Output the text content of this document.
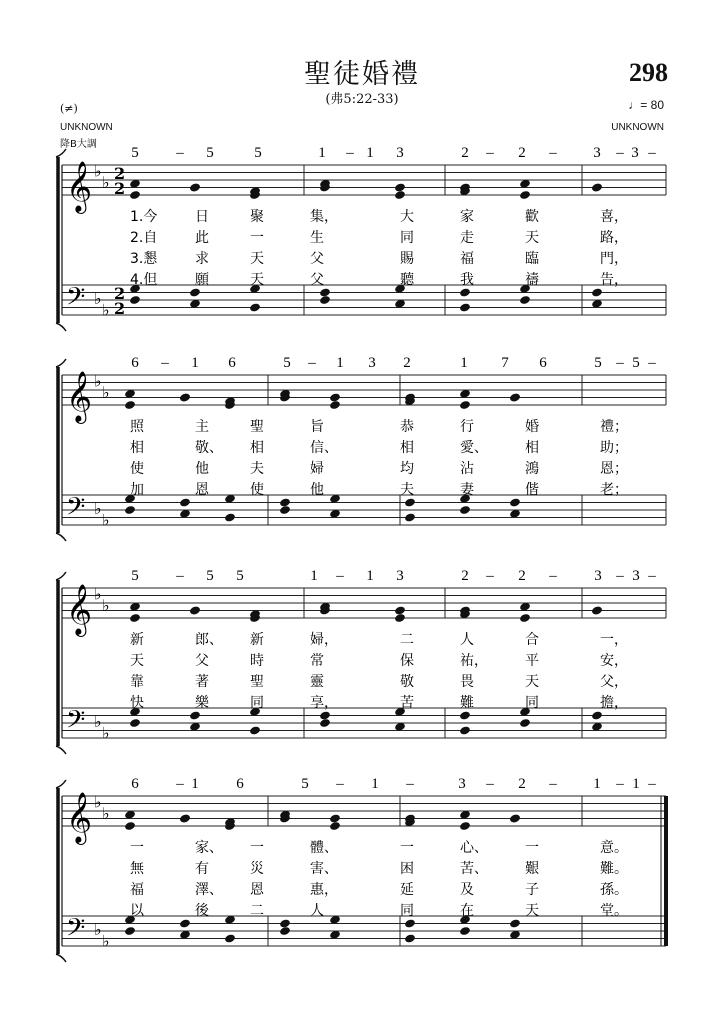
聖徒婚禮
(弗5:22-33)
298
♩= 80
(≠)
UNKNOWN
降B大調
UNKNOWN
𝄞
𝄢
♭
♭
♭
♭
2
2
2
2
5	– 5	5	1 – 1 3	2 – 2 – 3 – 3 –
1.今	日	聚	集，	大	家	歡	喜，
2.自	此	一	生	同	走	天	路，
3.懇	求	天	父	賜	福	臨	門，
4.但	願	天	父	聽	我	禱	告，
𝄞
𝄢
♭
♭
♭
♭
6 – 1 6	5 – 1 3 2	1 7 6	5 – 5 –
照	主	聖	旨	恭	行	婚	禮；
相	敬、 相	信、	相	愛、	相	助；
使	他	夫	婦	均	沾	鴻	恩；
加	恩	使	他	夫	妻	偕	老；
𝄞
𝄢
♭
♭
♭
♭
5	– 5 5	1 – 1 3	2 – 2 –	3 – 3 –
新	郎、 新	婦，	二	人	合	一，
天	父	時	常	保	祐，	平	安，
靠	著	聖	靈	敬	畏	天	父，
快	樂	同	享，	苦	難	同	擔，
𝄞
𝄢
♭
♭
♭
♭
6	– 1	6	5 – 1 –	3 – 2 – 1 – 1 –
一	家、 一	體、	一	心、	一	意。
無	有	災	害、	困	苦、	艱	難。
福	澤、 恩	惠，	延	及	子	孫。
以	後	二	人	同	在	天	堂。
